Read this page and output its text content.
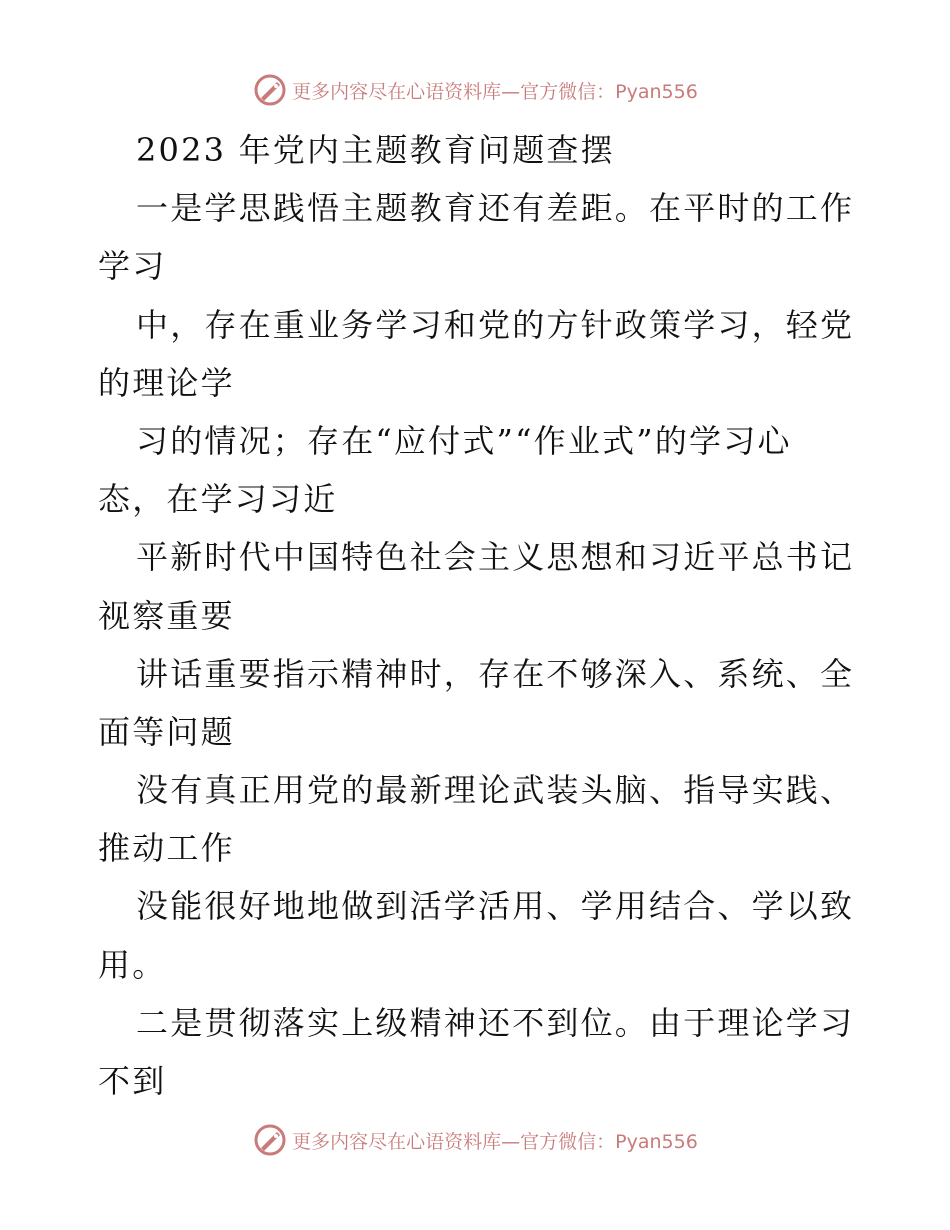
更多内容尽在心语资料库—官方微信：Pyan556
2023 年党内主题教育问题查摆
一是学思践悟主题教育还有差距。在平时的工作
学习
中，存在重业务学习和党的方针政策学习，轻党
的理论学
习的情况；存在“应付式”“作业式”的学习心
态，在学习习近
平新时代中国特色社会主义思想和习近平总书记
视察重要
讲话重要指示精神时，存在不够深入、系统、全
面等问题
没有真正用党的最新理论武装头脑、指导实践、
推动工作
没能很好地地做到活学活用、学用结合、学以致
用。
二是贯彻落实上级精神还不到位。由于理论学习
不到
更多内容尽在心语资料库—官方微信：Pyan556
